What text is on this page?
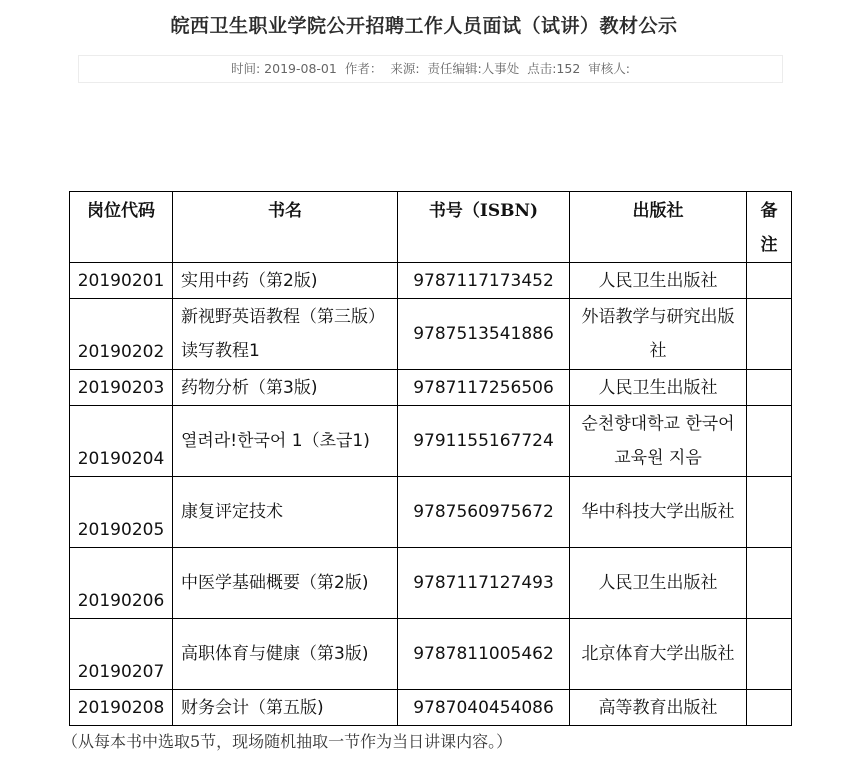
皖西卫生职业学院公开招聘工作人员面试（试讲）教材公示
时间: 2019-08-01 作者： 来源: 责任编辑:人事处 点击:152 审核人:
岗位代码	书名	书号（ISBN)	出版社	备注
20190201	实用中药（第2版)	9787117173452	人民卫生出版社	
20190202	新视野英语教程（第三版）读写教程1	9787513541886	外语教学与研究出版社	
20190203	药物分析（第3版)	9787117256506	人民卫生出版社	
20190204	열려라!한국어 1（초급1)	9791155167724	순천향대학교 한국어교육원 지음	
20190205	康复评定技术	9787560975672	华中科技大学出版社	
20190206	中医学基础概要（第2版)	9787117127493	人民卫生出版社	
20190207	高职体育与健康（第3版)	9787811005462	北京体育大学出版社	
20190208	财务会计（第五版)	9787040454086	高等教育出版社	
（从每本书中选取5节，现场随机抽取一节作为当日讲课内容。）
